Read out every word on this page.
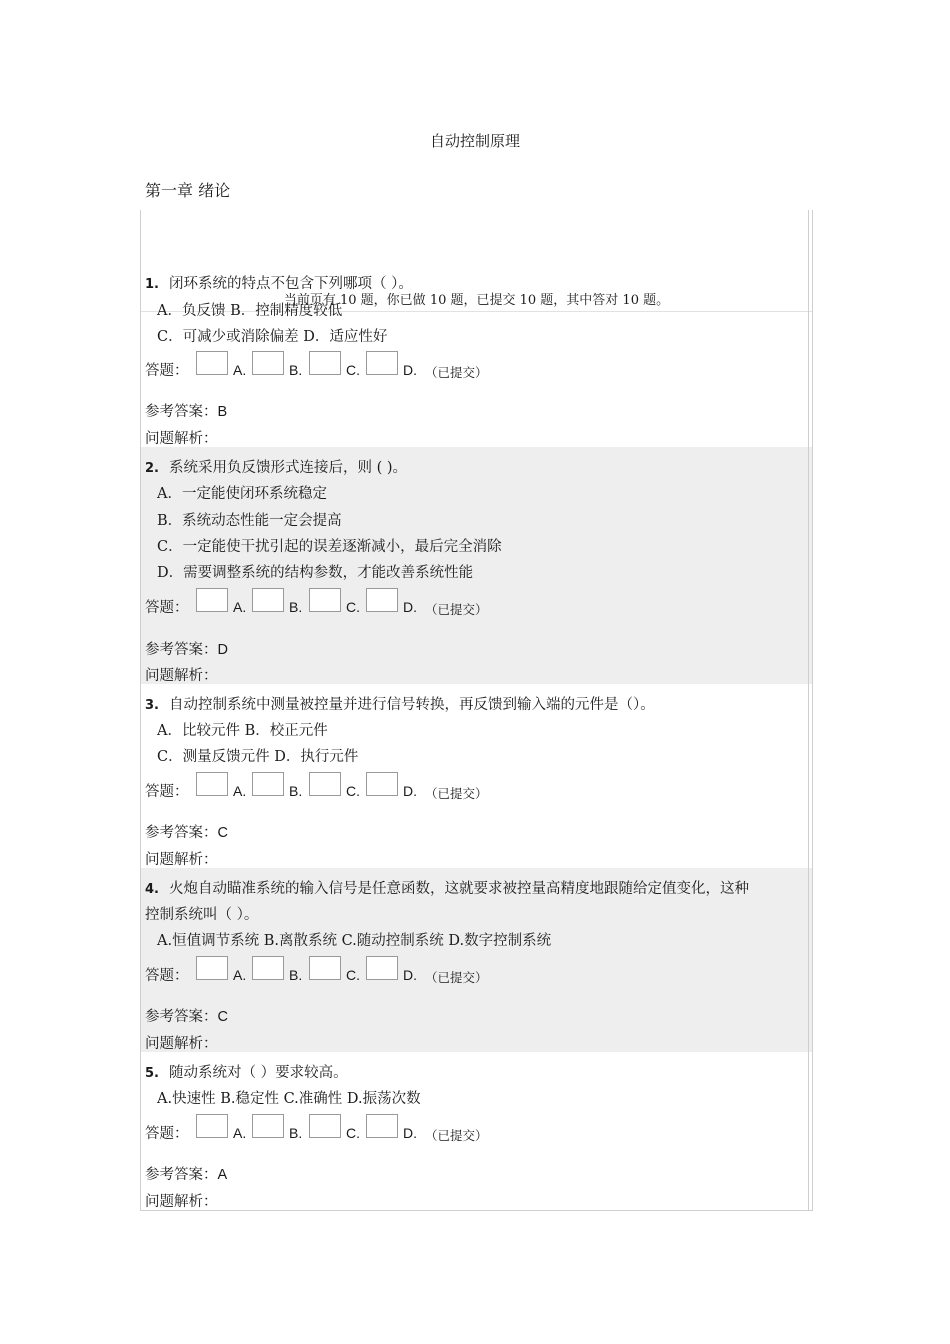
自动控制原理
第一章 绪论
当前页有 10 题，你已做 10 题，已提交 10 题，其中答对 10 题。
1. 闭环系统的特点不包含下列哪项（ ）。
A．负反馈 B．控制精度较低
C．可减少或消除偏差 D．适应性好
答题：	A.	B.	C.	D. （已提交）
参考答案：B
问题解析：
2. 系统采用负反馈形式连接后，则 ( )。
A．一定能使闭环系统稳定
B．系统动态性能一定会提高
C．一定能使干扰引起的误差逐渐减小，最后完全消除
D．需要调整系统的结构参数，才能改善系统性能
答题：	A.	B.	C.	D. （已提交）
参考答案：D
问题解析：
3. 自动控制系统中测量被控量并进行信号转换，再反馈到输入端的元件是（）。
A．比较元件 B．校正元件
C．测量反馈元件 D．执行元件
答题：	A.	B.	C.	D. （已提交）
参考答案：C
问题解析：
4. 火炮自动瞄准系统的输入信号是任意函数，这就要求被控量高精度地跟随给定值变化，这种
控制系统叫（ ）。
A.恒值调节系统 B.离散系统 C.随动控制系统 D.数字控制系统
答题：	A.	B.	C.	D. （已提交）
参考答案：C
问题解析：
5. 随动系统对（ ）要求较高。
A.快速性 B.稳定性 C.准确性 D.振荡次数
答题：	A.	B.	C.	D. （已提交）
参考答案：A
问题解析：
